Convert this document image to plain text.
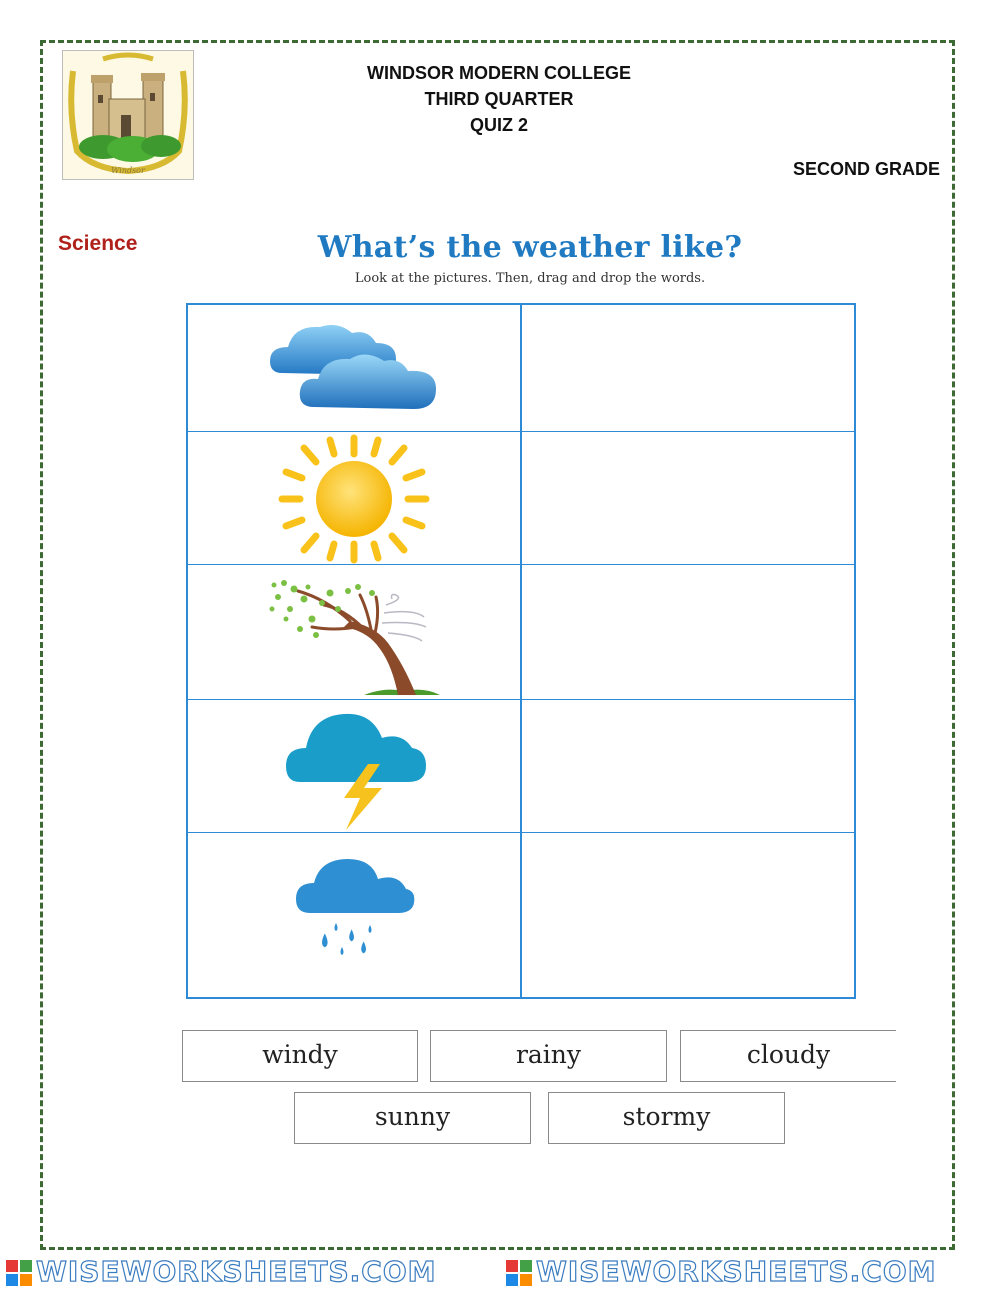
Windsor
WINDSOR MODERN COLLEGE
THIRD QUARTER
QUIZ 2
SECOND GRADE
Science	What’s the weather like?
Look at the pictures. Then, drag and drop the words.
windy	rainy	cloudy
sunny	stormy
WISEWORKSHEETS.COM	WISEWORKSHEETS.COM
